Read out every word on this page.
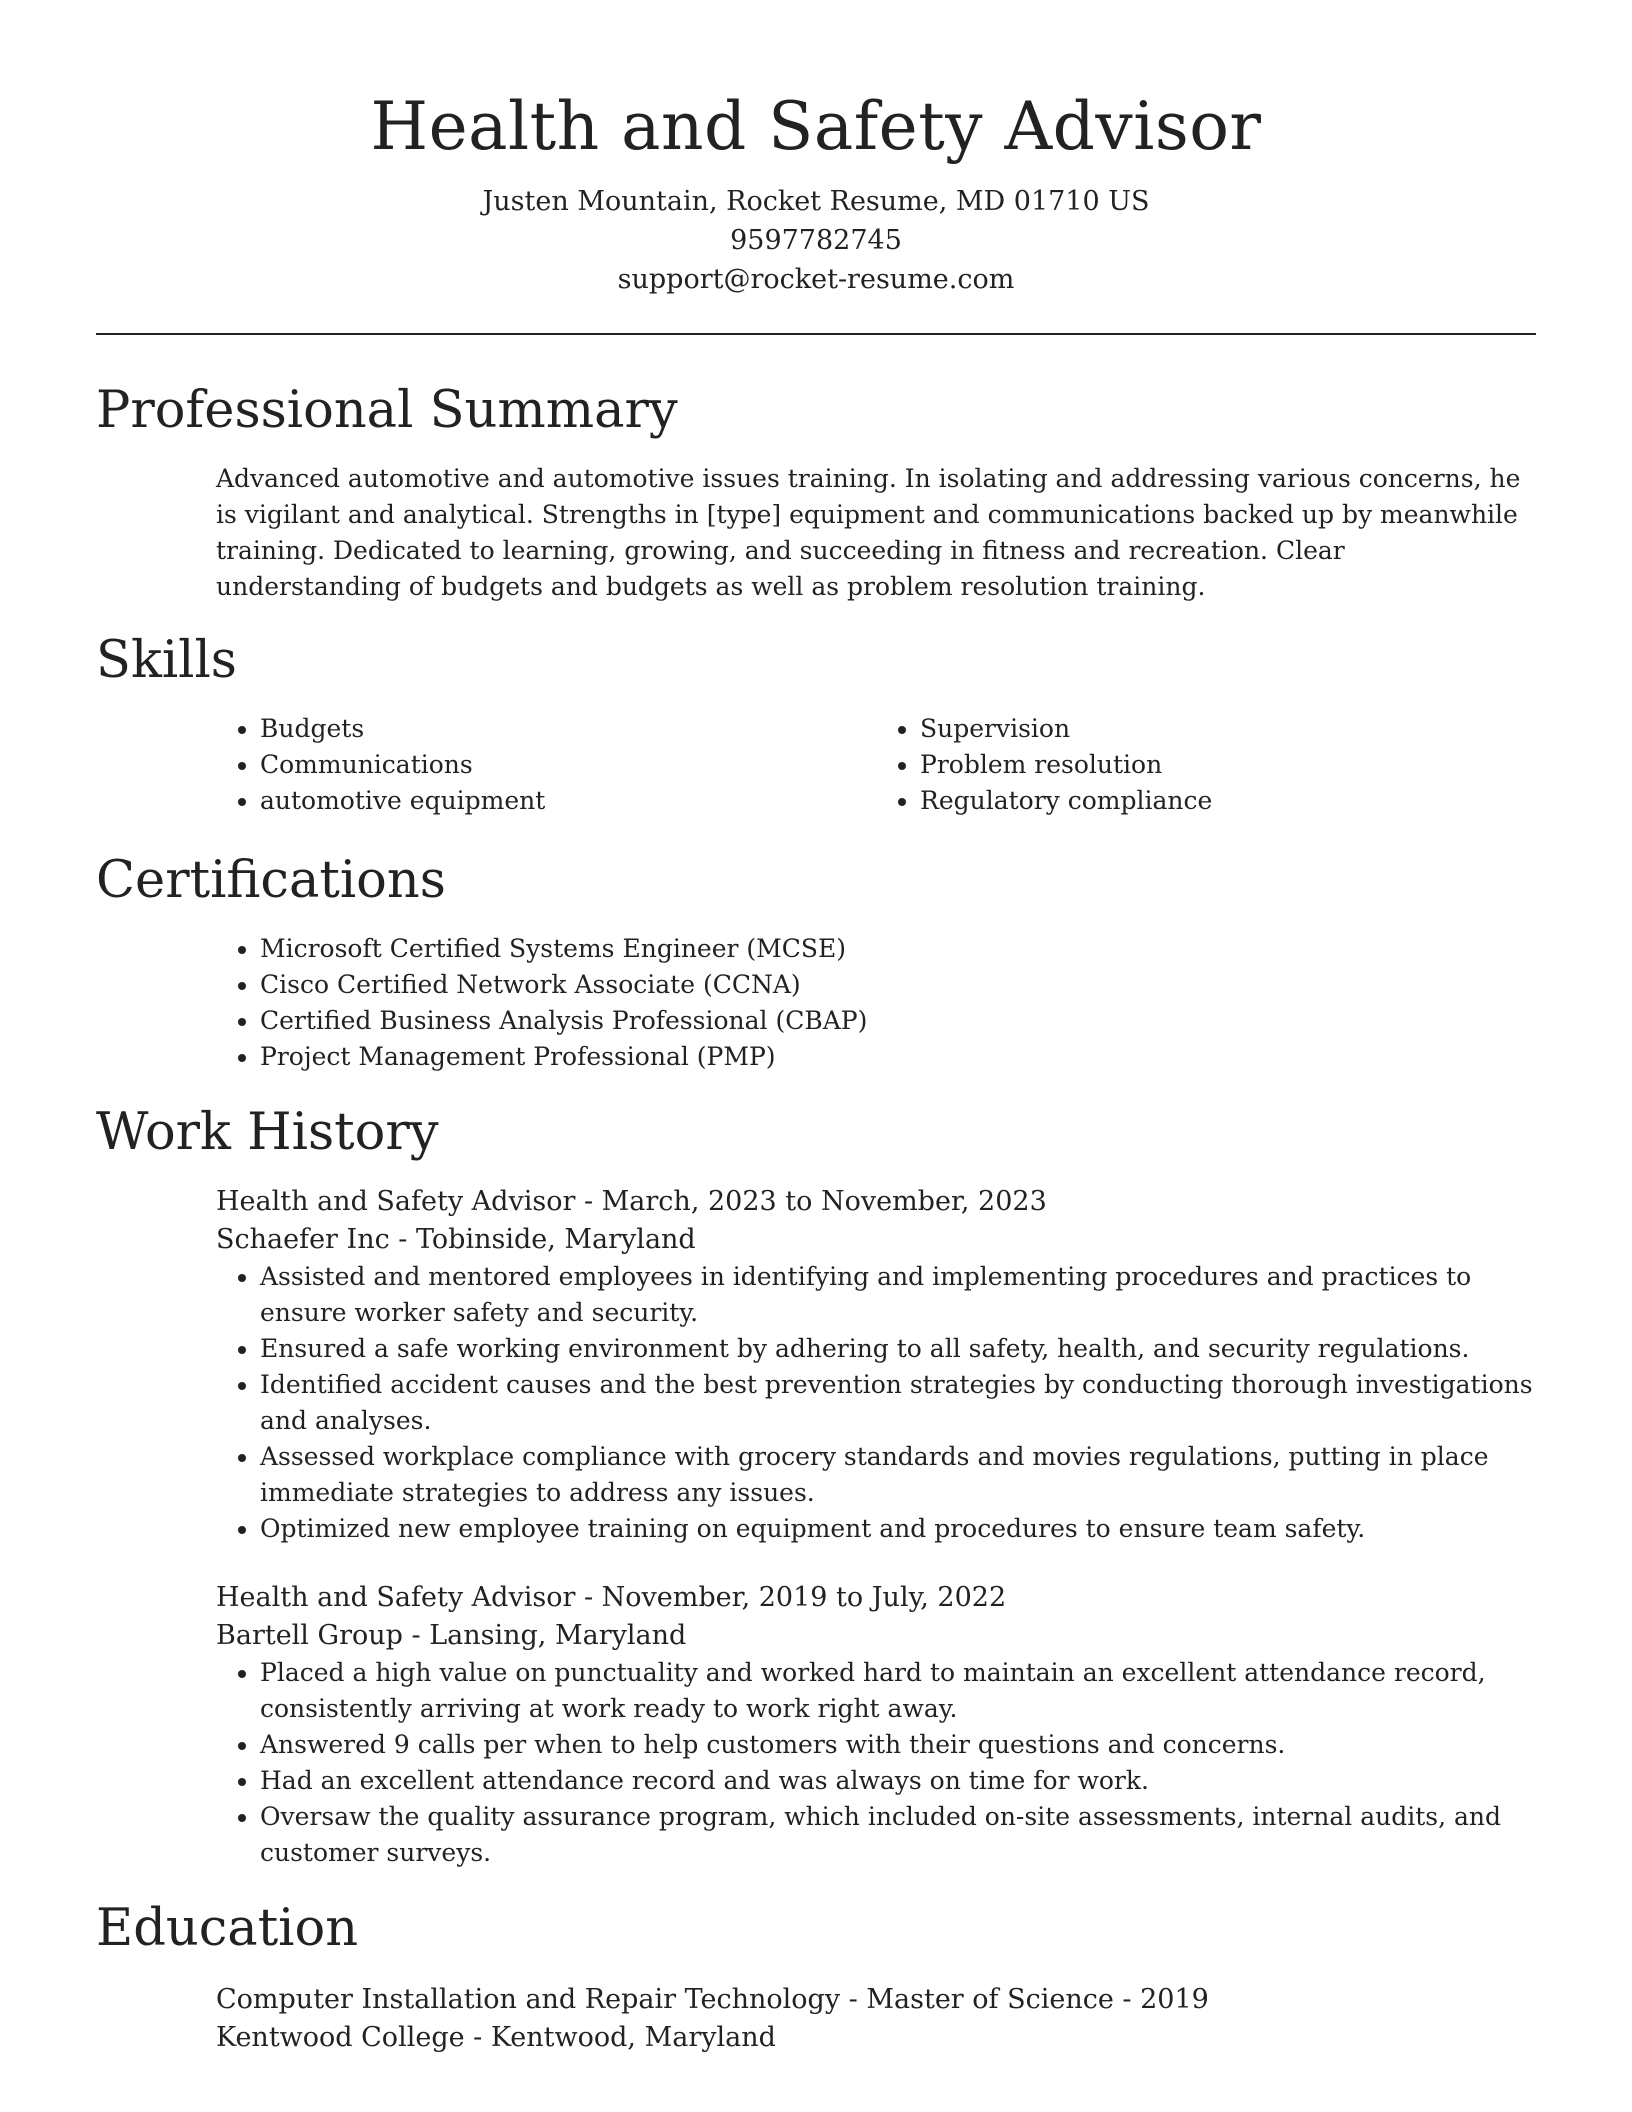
Health and Safety Advisor
Justen Mountain, Rocket Resume, MD 01710 US
9597782745
support@rocket-resume.com
Professional Summary
Advanced automotive and automotive issues training. In isolating and addressing various concerns, he is vigilant and analytical. Strengths in [type] equipment and communications backed up by meanwhile training. Dedicated to learning, growing, and succeeding in fitness and recreation. Clear understanding of budgets and budgets as well as problem resolution training.
Skills
• Budgets
• Communications
• automotive equipment
• Supervision
• Problem resolution
• Regulatory compliance
Certifications
• Microsoft Certified Systems Engineer (MCSE)
• Cisco Certified Network Associate (CCNA)
• Certified Business Analysis Professional (CBAP)
• Project Management Professional (PMP)
Work History
Health and Safety Advisor - March, 2023 to November, 2023
Schaefer Inc - Tobinside, Maryland
• Assisted and mentored employees in identifying and implementing procedures and practices to ensure worker safety and security.
• Ensured a safe working environment by adhering to all safety, health, and security regulations.
• Identified accident causes and the best prevention strategies by conducting thorough investigations and analyses.
• Assessed workplace compliance with grocery standards and movies regulations, putting in place immediate strategies to address any issues.
• Optimized new employee training on equipment and procedures to ensure team safety.
Health and Safety Advisor - November, 2019 to July, 2022
Bartell Group - Lansing, Maryland
• Placed a high value on punctuality and worked hard to maintain an excellent attendance record, consistently arriving at work ready to work right away.
• Answered 9 calls per when to help customers with their questions and concerns.
• Had an excellent attendance record and was always on time for work.
• Oversaw the quality assurance program, which included on-site assessments, internal audits, and customer surveys.
Education
Computer Installation and Repair Technology - Master of Science - 2019
Kentwood College - Kentwood, Maryland
